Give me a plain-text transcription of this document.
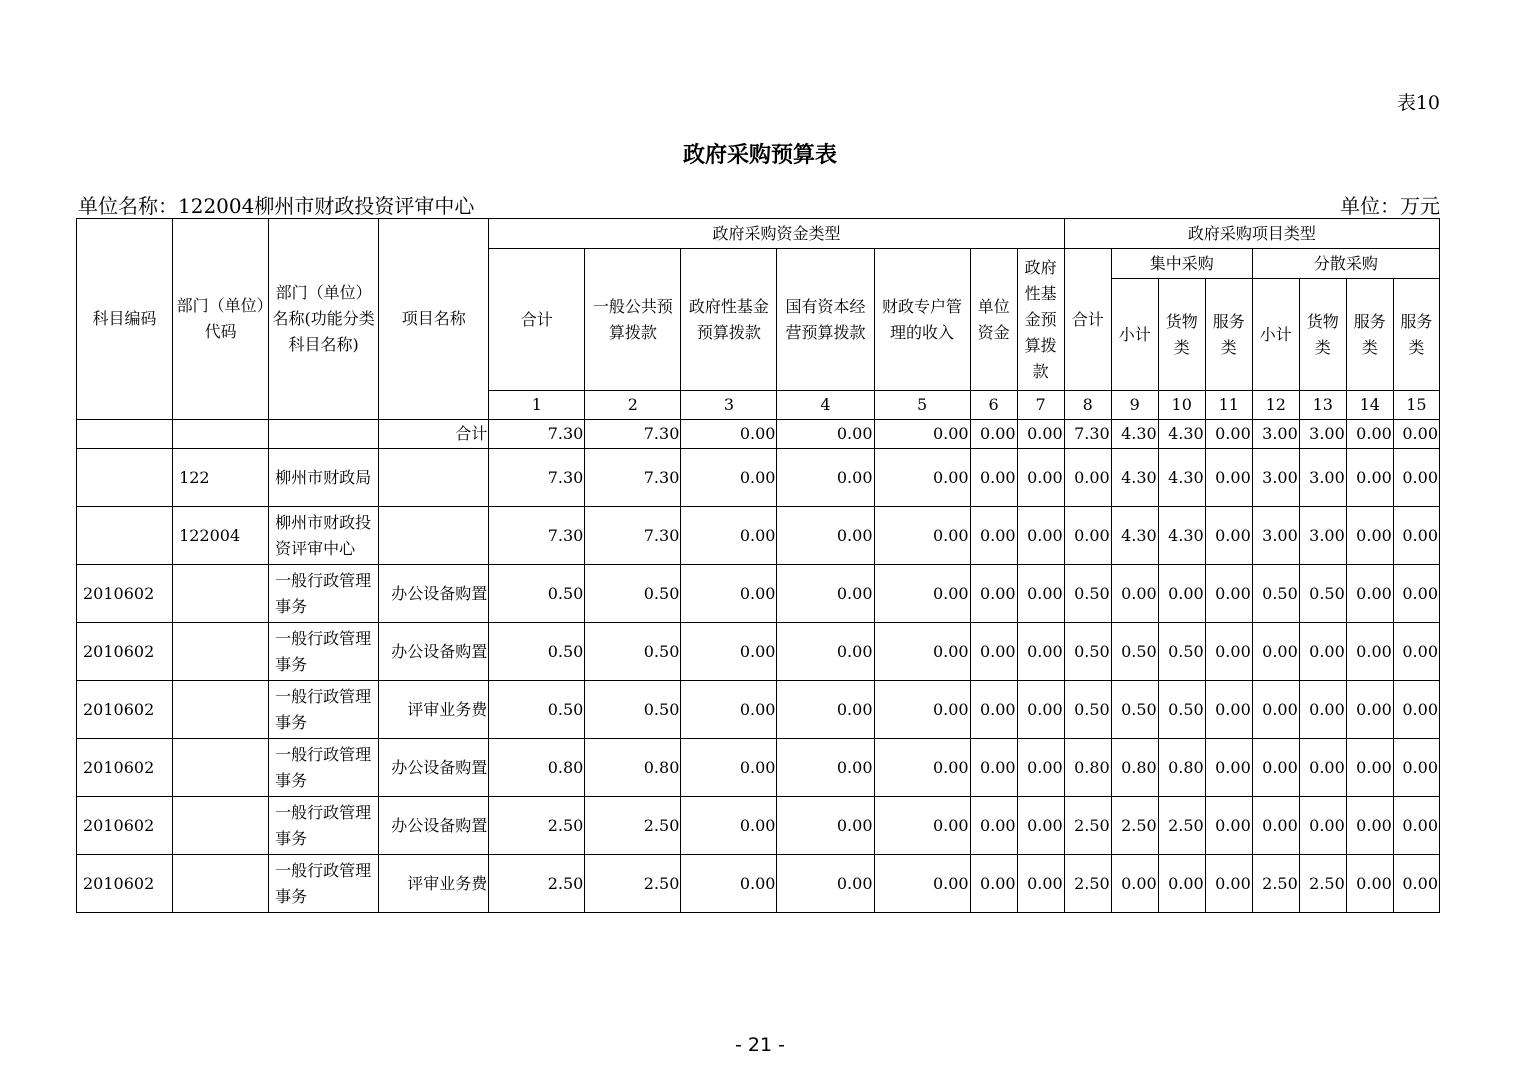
表10
政府采购预算表
单位名称：122004柳州市财政投资评审中心	单位：万元
科目编码	部门（单位）代码	部门（单位）名称(功能分类科目名称)	项目名称	政府采购资金类型							政府采购项目类型							
				合计	一般公共预算拨款	政府性基金预算拨款	国有资本经营预算拨款	财政专户管理的收入	单位资金	政府性基金预算拨款	合计	集中采购			分散采购			
												小计	货物类	服务类	小计	货物类	服务类	服务类
				1	2	3	4	5	6	7	8	9	10	11	12	13	14	15
			合计	7.30	7.30	0.00	0.00	0.00	0.00	0.00	7.30	4.30	4.30	0.00	3.00	3.00	0.00	0.00
	122	柳州市财政局		7.30	7.30	0.00	0.00	0.00	0.00	0.00	0.00	4.30	4.30	0.00	3.00	3.00	0.00	0.00
	122004	柳州市财政投资评审中心		7.30	7.30	0.00	0.00	0.00	0.00	0.00	0.00	4.30	4.30	0.00	3.00	3.00	0.00	0.00
2010602		一般行政管理事务	办公设备购置	0.50	0.50	0.00	0.00	0.00	0.00	0.00	0.50	0.00	0.00	0.00	0.50	0.50	0.00	0.00
2010602		一般行政管理事务	办公设备购置	0.50	0.50	0.00	0.00	0.00	0.00	0.00	0.50	0.50	0.50	0.00	0.00	0.00	0.00	0.00
2010602		一般行政管理事务	评审业务费	0.50	0.50	0.00	0.00	0.00	0.00	0.00	0.50	0.50	0.50	0.00	0.00	0.00	0.00	0.00
2010602		一般行政管理事务	办公设备购置	0.80	0.80	0.00	0.00	0.00	0.00	0.00	0.80	0.80	0.80	0.00	0.00	0.00	0.00	0.00
2010602		一般行政管理事务	办公设备购置	2.50	2.50	0.00	0.00	0.00	0.00	0.00	2.50	2.50	2.50	0.00	0.00	0.00	0.00	0.00
2010602		一般行政管理事务	评审业务费	2.50	2.50	0.00	0.00	0.00	0.00	0.00	2.50	0.00	0.00	0.00	2.50	2.50	0.00	0.00
- 21 -
